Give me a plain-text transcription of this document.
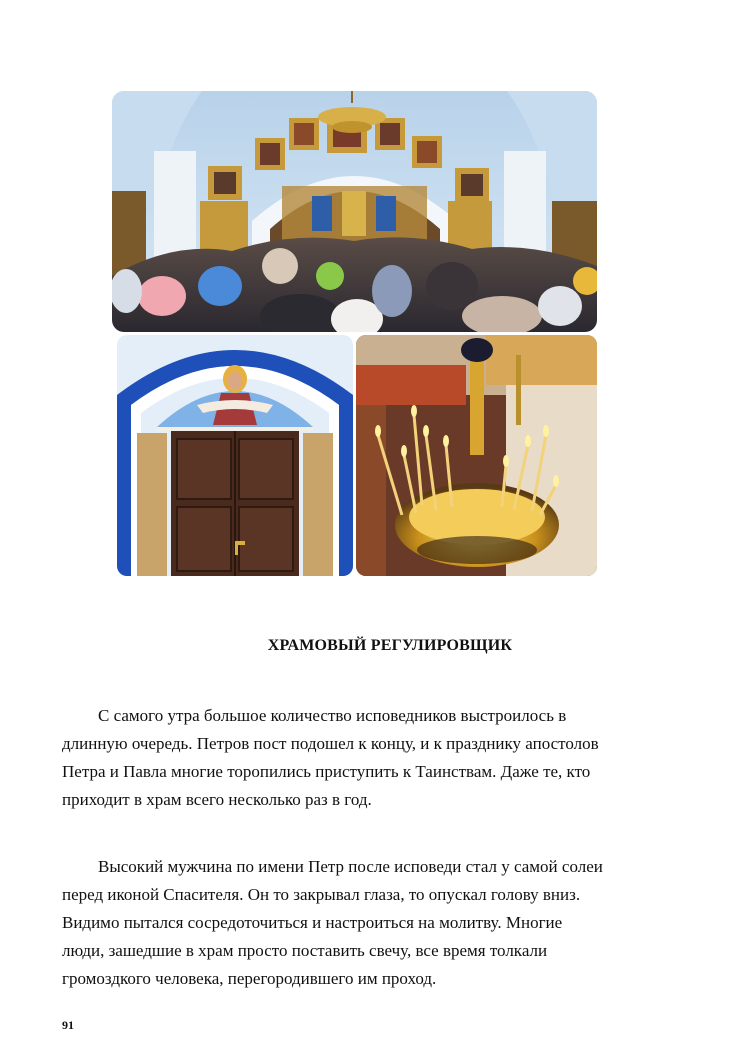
ХРАМОВЫЙ РЕГУЛИРОВЩИК

С самого утра большое количество исповедников выстроилось в
длинную очередь. Петров пост подошел к концу, и к празднику апостолов
Петра и Павла многие торопились приступить к Таинствам. Даже те, кто
приходит в храм всего несколько раз в год.

Высокий мужчина по имени Петр после исповеди стал у самой солеи
перед иконой Спасителя. Он то закрывал глаза, то опускал голову вниз.
Видимо пытался сосредоточиться и настроиться на молитву. Многие
люди, зашедшие в храм просто поставить свечу, все время толкали
громоздкого человека, перегородившего им проход.

91
